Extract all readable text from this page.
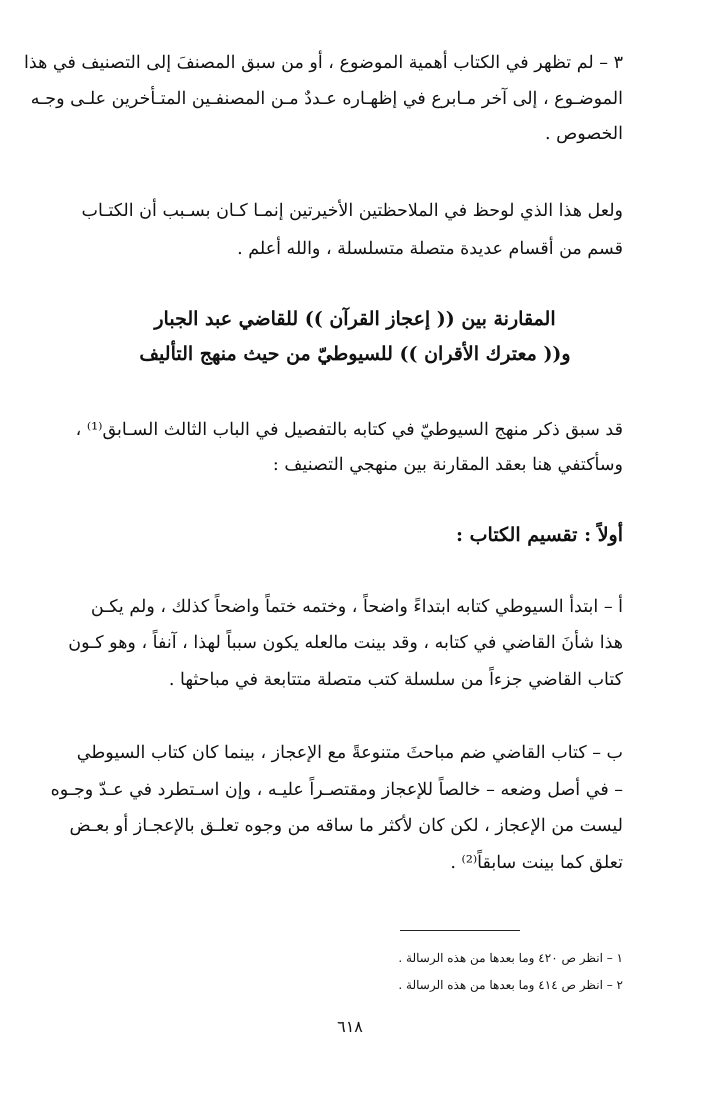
٣ – لم تظهر في الكتاب أهمية الموضوع ، أو من سبق المصنفَ إلى التصنيف في هذا
الموضـوع ، إلى آخر مـابرع في إظهـاره عـددٌ مـن المصنفـين المتـأخرين علـى وجـه
الخصوص .
ولعل هذا الذي لوحظ في الملاحظتين الأخيرتين إنمـا كـان بسـبب أن الكتـاب
قسم من أقسام عديدة متصلة متسلسلة ، والله أعلم .
المقارنة بين (( إعجاز القرآن )) للقاضي عبد الجبار
و(( معترك الأقران )) للسيوطيّ من حيث منهج التأليف
قد سبق ذكر منهج السيوطيّ في كتابه بالتفصيل في الباب الثالث السـابق⁽¹⁾ ،
وسأكتفي هنا بعقد المقارنة بين منهجي التصنيف :
أولاً : تقسيم الكتاب :
أ – ابتدأ السيوطي كتابه ابتداءً واضحاً ، وختمه ختماً واضحاً كذلك ، ولم يكـن
هذا شأنَ القاضي في كتابه ، وقد بينت مالعله يكون سبباً لهذا ، آنفاً ، وهو كـون
كتاب القاضي جزءاً من سلسلة كتب متصلة متتابعة في مباحثها .
ب – كتاب القاضي ضم مباحثَ متنوعةً مع الإعجاز ، بينما كان كتاب السيوطي
– في أصل وضعه – خالصاً للإعجاز ومقتصـراً عليـه ، وإن اسـتطرد في عـدّ وجـوه
ليست من الإعجاز ، لكن كان لأكثر ما ساقه من وجوه تعلـق بالإعجـاز أو بعـض
تعلق كما بينت سابقاً⁽²⁾ .
١ – انظر ص ٤٢٠ وما بعدها من هذه الرسالة .
٢ – انظر ص ٤١٤ وما بعدها من هذه الرسالة .
٦١٨
